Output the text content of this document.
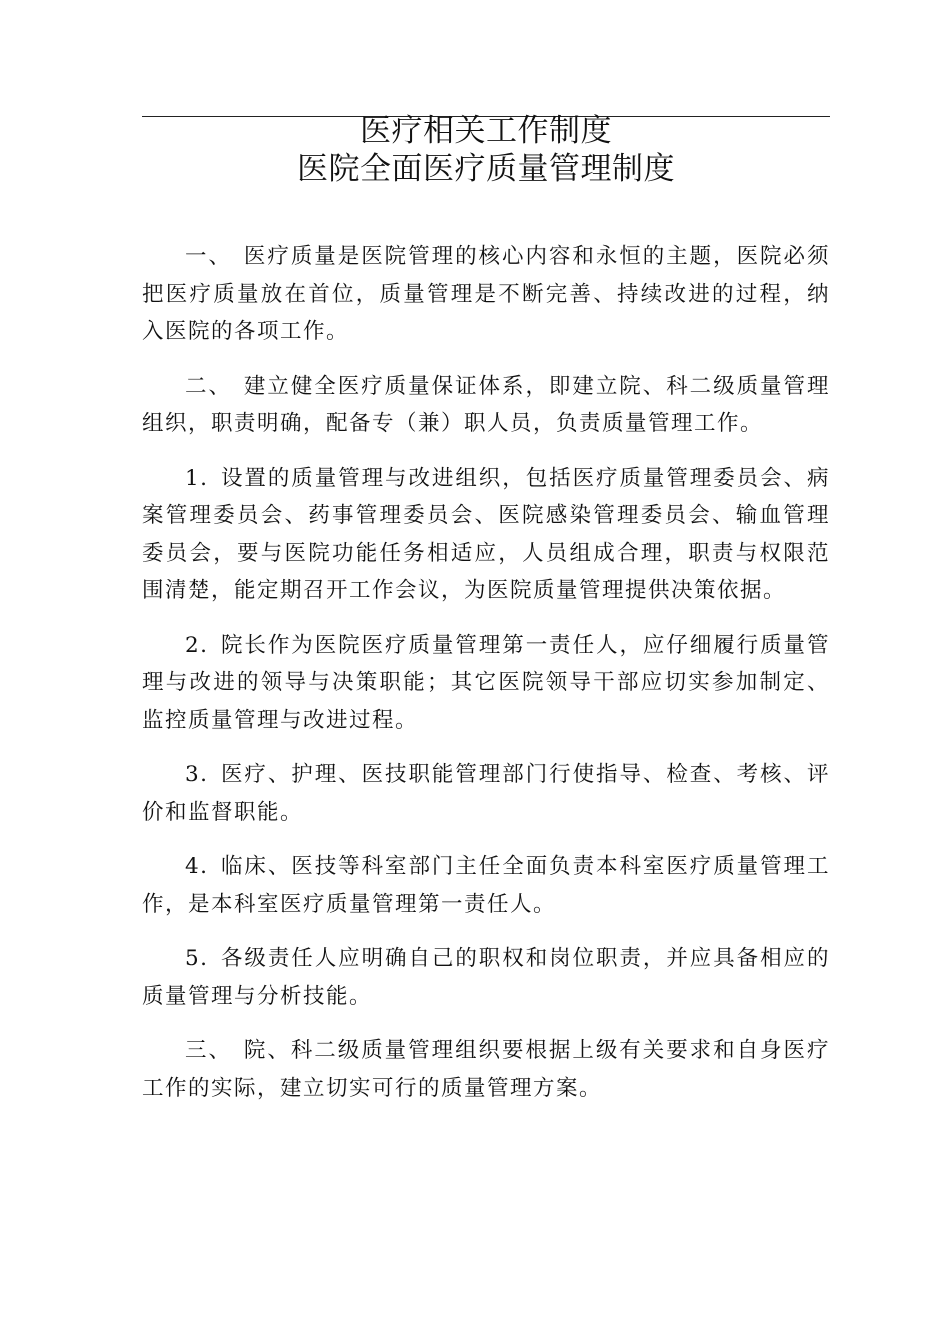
医疗相关工作制度
医院全面医疗质量管理制度

一、 医疗质量是医院管理的核心内容和永恒的主题，医院必须把医疗质量放在首位，质量管理是不断完善、持续改进的过程，纳入医院的各项工作。

二、 建立健全医疗质量保证体系，即建立院、科二级质量管理组织，职责明确，配备专（兼）职人员，负责质量管理工作。

1. 设置的质量管理与改进组织，包括医疗质量管理委员会、病案管理委员会、药事管理委员会、医院感染管理委员会、输血管理委员会，要与医院功能任务相适应，人员组成合理，职责与权限范围清楚，能定期召开工作会议，为医院质量管理提供决策依据。

2. 院长作为医院医疗质量管理第一责任人，应仔细履行质量管理与改进的领导与决策职能；其它医院领导干部应切实参加制定、监控质量管理与改进过程。

3. 医疗、护理、医技职能管理部门行使指导、检查、考核、评价和监督职能。

4. 临床、医技等科室部门主任全面负责本科室医疗质量管理工作，是本科室医疗质量管理第一责任人。

5. 各级责任人应明确自己的职权和岗位职责，并应具备相应的质量管理与分析技能。

三、 院、科二级质量管理组织要根据上级有关要求和自身医疗工作的实际，建立切实可行的质量管理方案。
